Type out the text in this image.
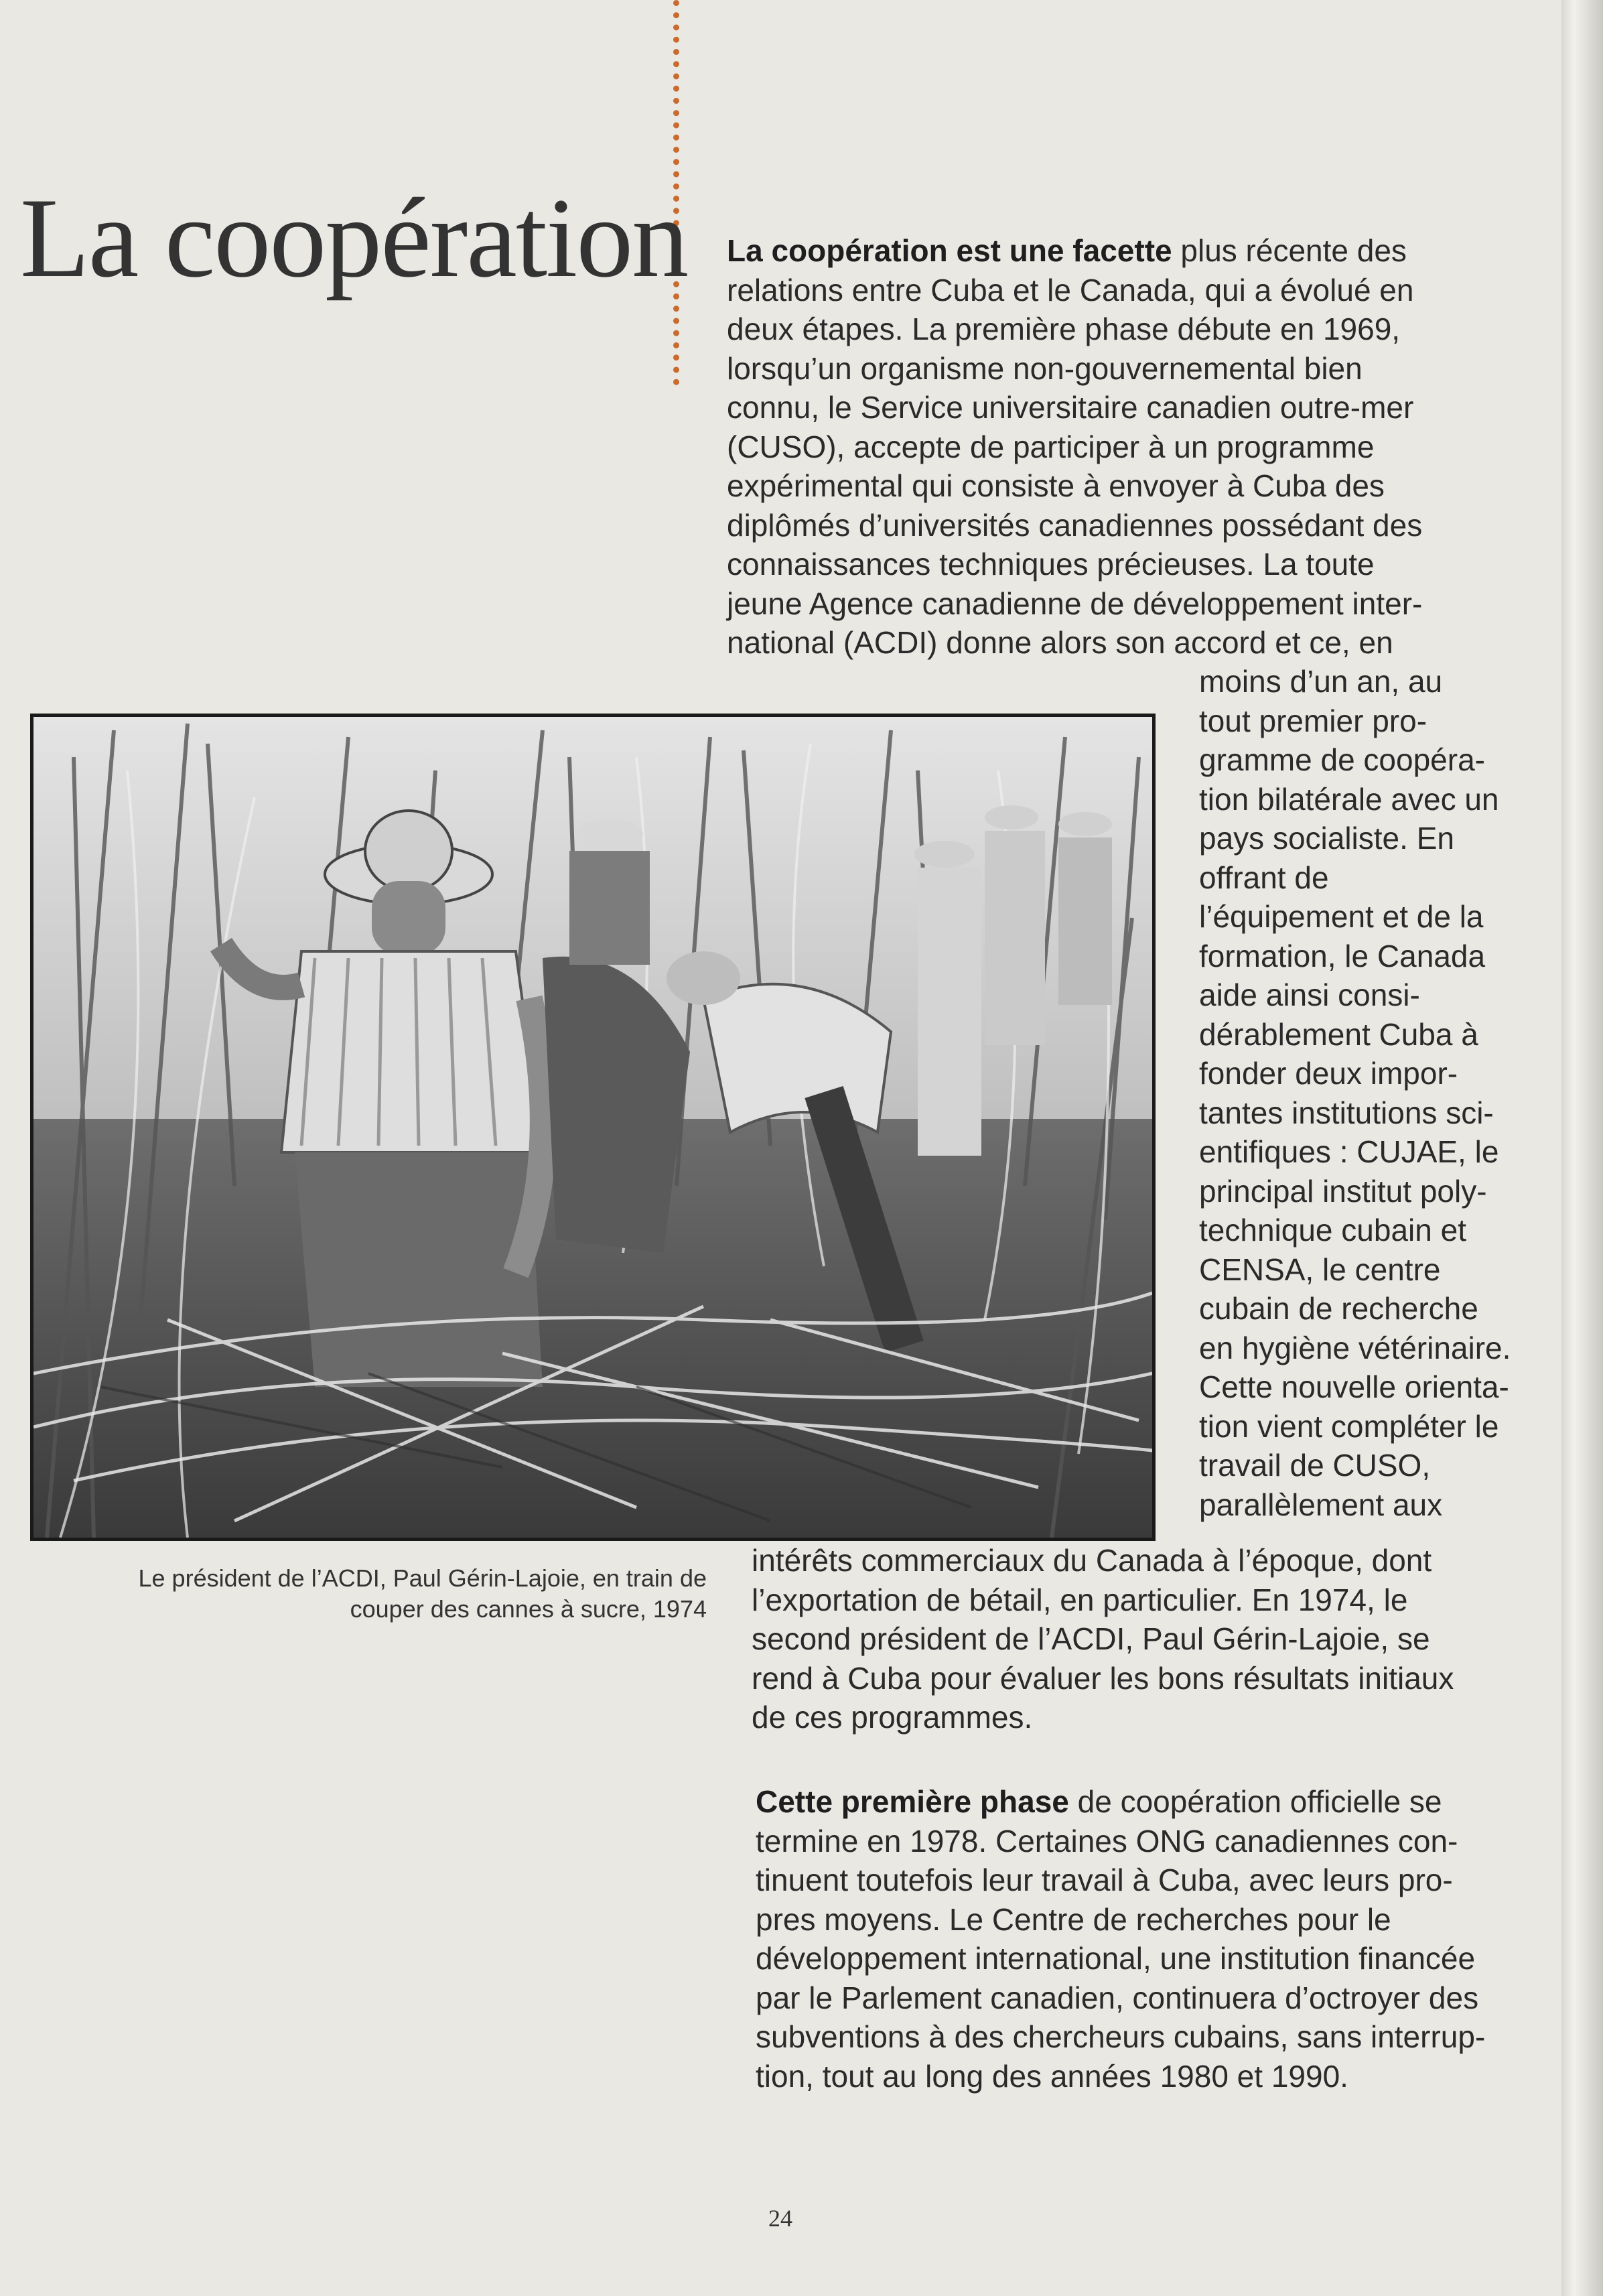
La coopération La coopération est une facette plus récente des

relations entre Cuba et le Canada, qui a évolué en

deux étapes. La première phase débute en 1969,

lorsqu’un organisme non-gouvernemental bien

connu, le Service universitaire canadien outre-mer

(CUSO), accepte de participer à un programme

expérimental qui consiste à envoyer à Cuba des

diplômés d’universités canadiennes possédant des

connaissances techniques précieuses. La toute

jeune Agence canadienne de développement inter-

national (ACDI) donne alors son accord et ce, en

moins d’un an, au

tout premier pro-

gramme de coopéra-

tion bilatérale avec un

pays socialiste. En

offrant de

l’équipement et de la

formation, le Canada

aide ainsi consi-

dérablement Cuba à

fonder deux impor-

tantes institutions sci-

entifiques : CUJAE, le

principal institut poly-

technique cubain et

CENSA, le centre

cubain de recherche

en hygiène vétérinaire.

Cette nouvelle orienta-

tion vient compléter le

travail de CUSO,

parallèlement aux

Le président de l’ACDI, Paul Gérin-Lajoie, en train de
couper des cannes à sucre, 1974

intérêts commerciaux du Canada à l’époque, dont

l’exportation de bétail, en particulier. En 1974, le

second président de l’ACDI, Paul Gérin-Lajoie, se

rend à Cuba pour évaluer les bons résultats initiaux

de ces programmes.

Cette première phase de coopération officielle se

termine en 1978. Certaines ONG canadiennes con-

tinuent toutefois leur travail à Cuba, avec leurs pro-

pres moyens. Le Centre de recherches pour le

développement international, une institution financée

par le Parlement canadien, continuera d’octroyer des

subventions à des chercheurs cubains, sans interrup-

tion, tout au long des années 1980 et 1990.

24
